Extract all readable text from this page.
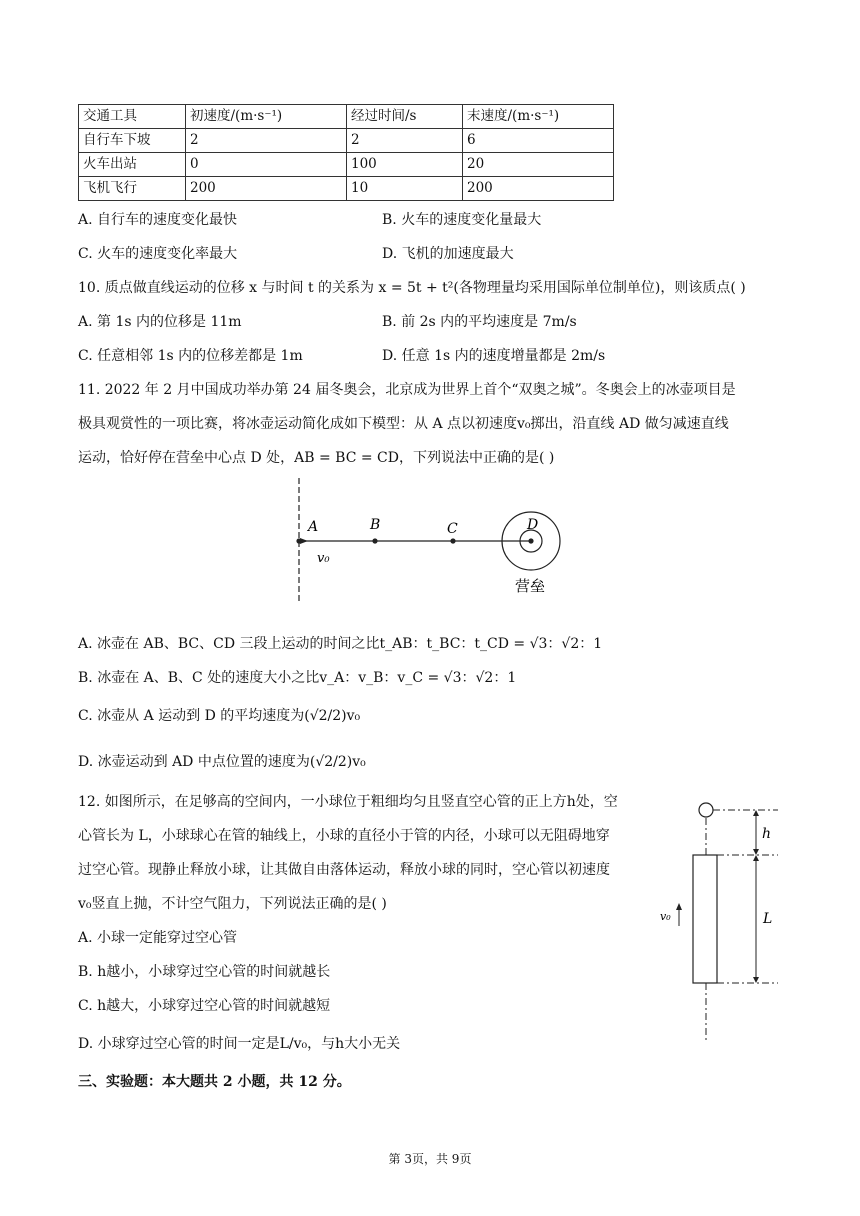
交通工具	初速度/(m·s⁻¹)	经过时间/s	末速度/(m·s⁻¹)
自行车下坡	2	2	6
火车出站	0	100	20
飞机飞行	200	10	200
A. 自行车的速度变化最快	B. 火车的速度变化量最大
C. 火车的速度变化率最大	D. 飞机的加速度最大
10. 质点做直线运动的位移 x 与时间 t 的关系为 x = 5t + t²(各物理量均采用国际单位制单位)，则该质点( )
A. 第 1s 内的位移是 11m	B. 前 2s 内的平均速度是 7m/s
C. 任意相邻 1s 内的位移差都是 1m	D. 任意 1s 内的速度增量都是 2m/s
11. 2022 年 2 月中国成功举办第 24 届冬奥会，北京成为世界上首个“双奥之城”。冬奥会上的冰壶项目是
极具观赏性的一项比赛，将冰壶运动简化成如下模型：从 A 点以初速度v₀掷出，沿直线 AD 做匀减速直线
运动，恰好停在营垒中心点 D 处，AB = BC = CD，下列说法中正确的是( )
A	B	C	D
v₀
营垒
A. 冰壶在 AB、BC、CD 三段上运动的时间之比t_AB：t_BC：t_CD = √3：√2：1
B. 冰壶在 A、B、C 处的速度大小之比v_A：v_B：v_C = √3：√2：1
C. 冰壶从 A 运动到 D 的平均速度为(√2/2)v₀
D. 冰壶运动到 AD 中点位置的速度为(√2/2)v₀
12. 如图所示，在足够高的空间内，一小球位于粗细均匀且竖直空心管的正上方h处，空
心管长为 L，小球球心在管的轴线上，小球的直径小于管的内径，小球可以无阻碍地穿
过空心管。现静止释放小球，让其做自由落体运动，释放小球的同时，空心管以初速度
v₀竖直上抛，不计空气阻力，下列说法正确的是( )
A. 小球一定能穿过空心管
B. h越小，小球穿过空心管的时间就越长
C. h越大，小球穿过空心管的时间就越短
D. 小球穿过空心管的时间一定是L/v₀，与h大小无关
h
L
v₀
三、实验题：本大题共 2 小题，共 12 分。
第 3页，共 9页
